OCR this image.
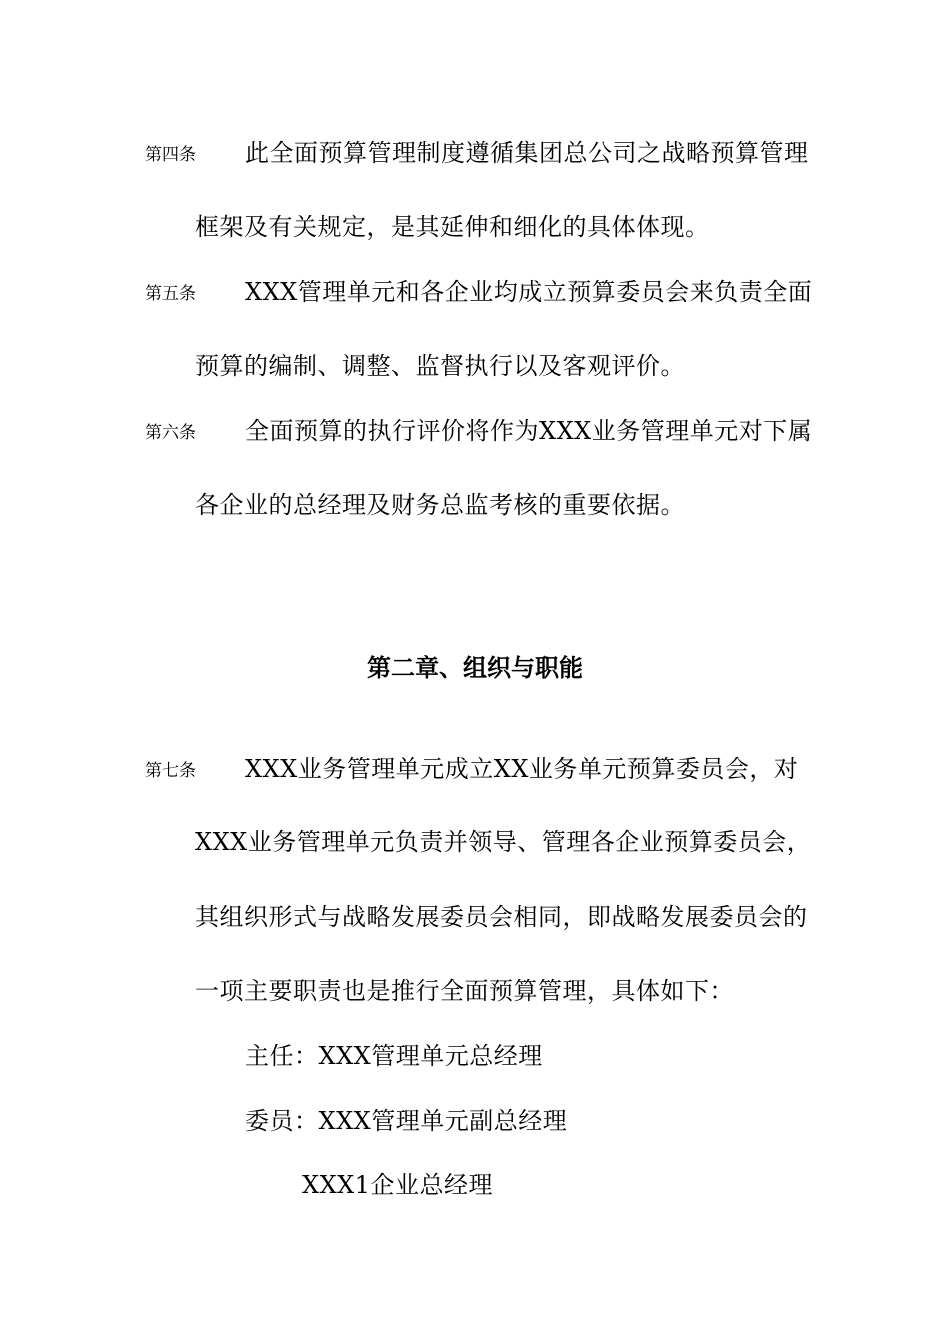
第四条 此全面预算管理制度遵循集团总公司之战略预算管理
框架及有关规定，是其延伸和细化的具体体现。
第五条 XXX管理单元和各企业均成立预算委员会来负责全面
预算的编制、调整、监督执行以及客观评价。
第六条 全面预算的执行评价将作为XXX业务管理单元对下属
各企业的总经理及财务总监考核的重要依据。
第二章、组织与职能
第七条 XXX业务管理单元成立XX业务单元预算委员会，对
XXX业务管理单元负责并领导、管理各企业预算委员会，
其组织形式与战略发展委员会相同，即战略发展委员会的
一项主要职责也是推行全面预算管理，具体如下：
主任：XXX管理单元总经理
委员：XXX管理单元副总经理
XXX1企业总经理
